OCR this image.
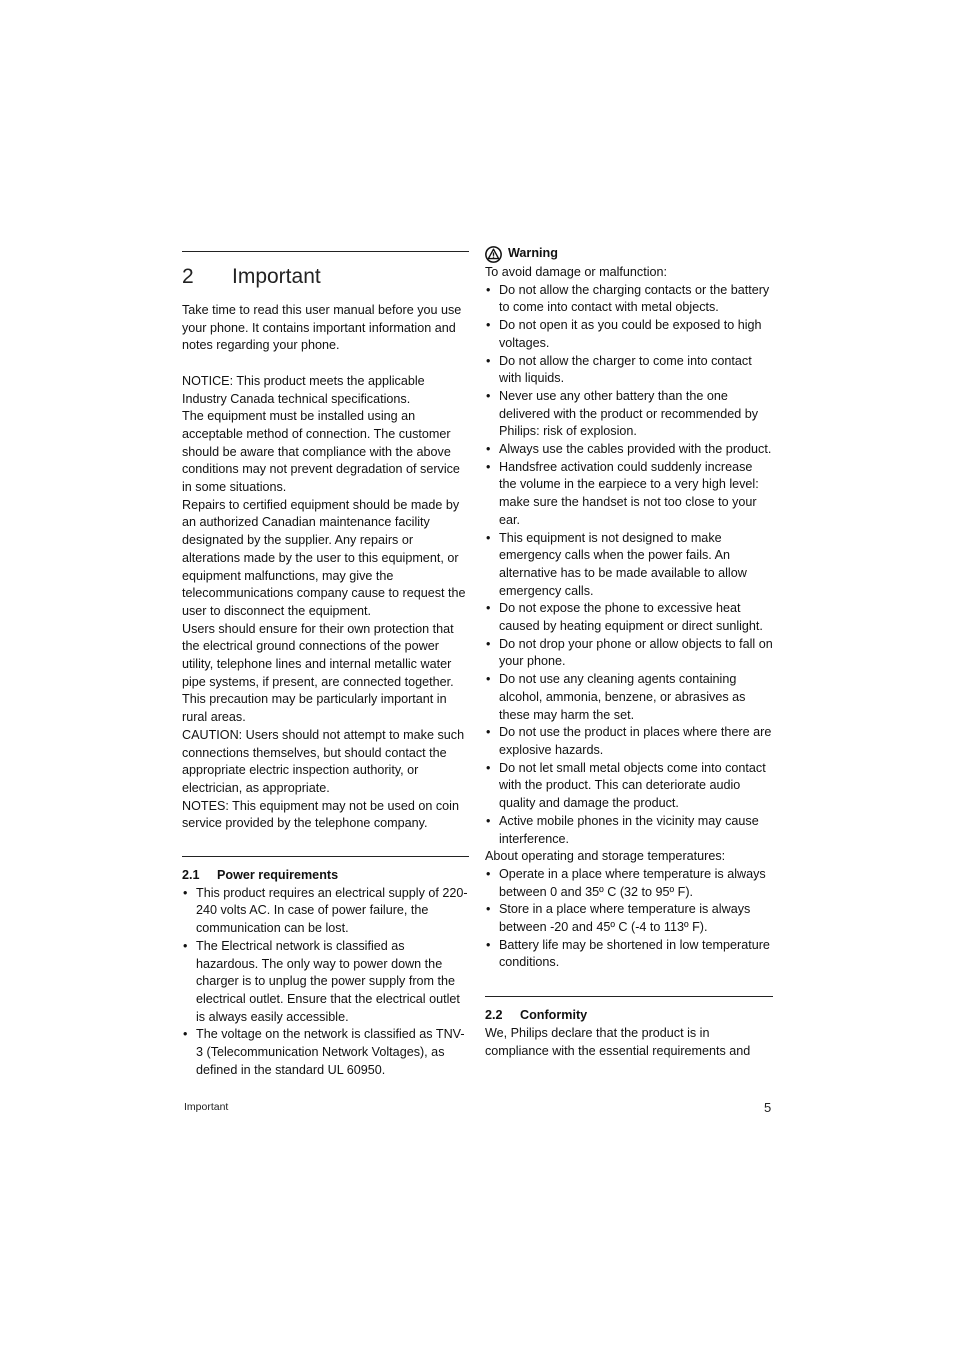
2	Important

Take time to read this user manual before you use your phone. It contains important information and notes regarding your phone.

NOTICE: This product meets the applicable Industry Canada technical specifications.

The equipment must be installed using an acceptable method of connection. The customer should be aware that compliance with the above conditions may not prevent degradation of service in some situations.

Repairs to certified equipment should be made by an authorized Canadian maintenance facility designated by the supplier. Any repairs or alterations made by the user to this equipment, or equipment malfunctions, may give the telecommunications company cause to request the user to disconnect the equipment.

Users should ensure for their own protection that the electrical ground connections of the power utility, telephone lines and internal metallic water pipe systems, if present, are connected together. This precaution may be particularly important in rural areas.

CAUTION: Users should not attempt to make such connections themselves, but should contact the appropriate electric inspection authority, or electrician, as appropriate.

NOTES: This equipment may not be used on coin service provided by the telephone company.

2.1	Power requirements
• This product requires an electrical supply of 220-240 volts AC. In case of power failure, the communication can be lost.
• The Electrical network is classified as hazardous. The only way to power down the charger is to unplug the power supply from the electrical outlet. Ensure that the electrical outlet is always easily accessible.
• The voltage on the network is classified as TNV-3 (Telecommunication Network Voltages), as defined in the standard UL 60950.
Warning

To avoid damage or malfunction:

• Do not allow the charging contacts or the battery to come into contact with metal objects.
• Do not open it as you could be exposed to high voltages.
• Do not allow the charger to come into contact with liquids.
• Never use any other battery than the one delivered with the product or recommended by Philips: risk of explosion.
• Always use the cables provided with the product.
• Handsfree activation could suddenly increase the volume in the earpiece to a very high level: make sure the handset is not too close to your ear.
• This equipment is not designed to make emergency calls when the power fails. An alternative has to be made available to allow emergency calls.
• Do not expose the phone to excessive heat caused by heating equipment or direct sunlight.
• Do not drop your phone or allow objects to fall on your phone.
• Do not use any cleaning agents containing alcohol, ammonia, benzene, or abrasives as these may harm the set.
• Do not use the product in places where there are explosive hazards.
• Do not let small metal objects come into contact with the product. This can deteriorate audio quality and damage the product.
• Active mobile phones in the vicinity may cause interference.

About operating and storage temperatures:

• Operate in a place where temperature is always between 0 and 35º C (32 to 95º F).
• Store in a place where temperature is always between -20 and 45º C (-4 to 113º F).
• Battery life may be shortened in low temperature conditions.
2.2	Conformity

We, Philips declare that the product is in compliance with the essential requirements and

Important	5
